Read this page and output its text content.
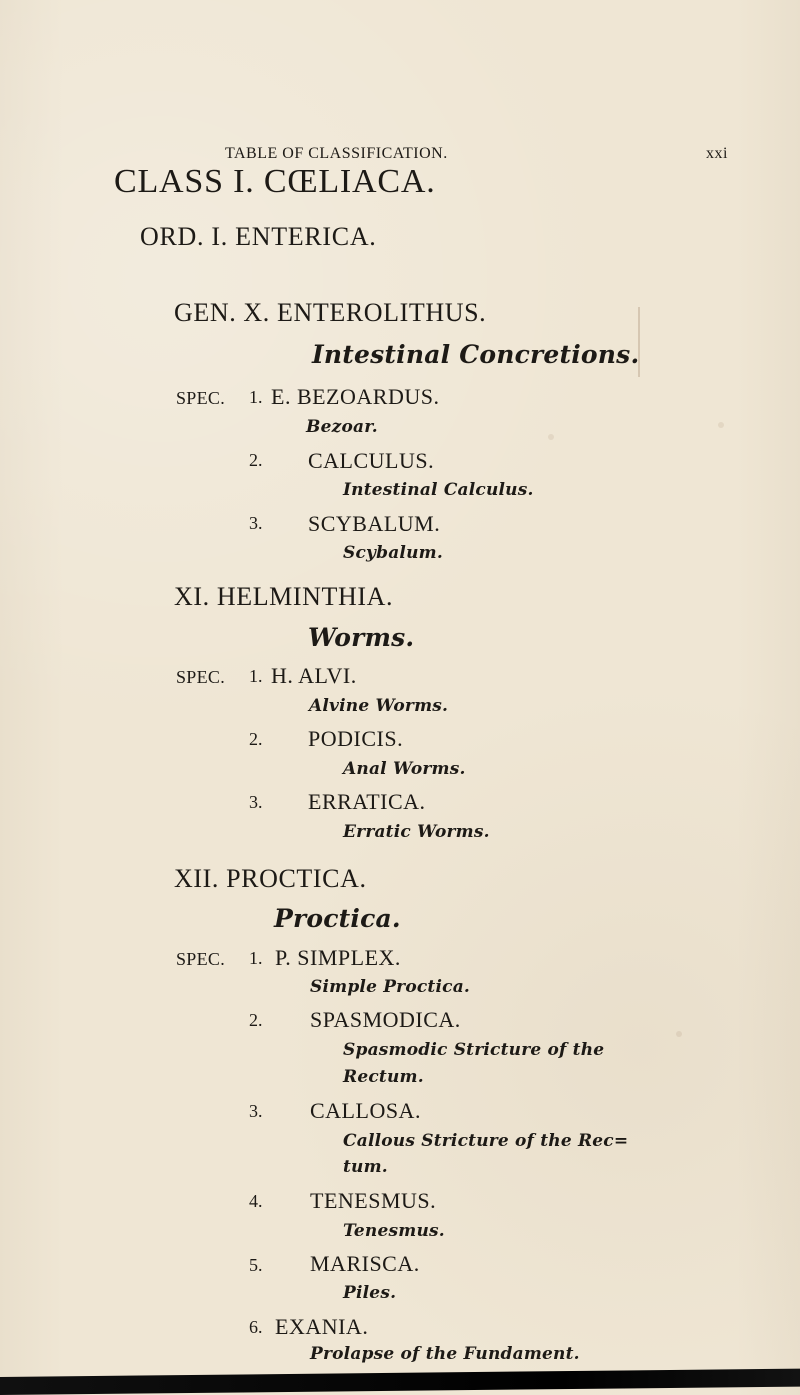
TABLE OF CLASSIFICATION.	xxi
CLASS I. CŒLIACA.
ORD. I. ENTERICA.
GEN. X. ENTEROLITHUS.
Intestinal Concretions.
SPEC. 1. E. BEZOARDUS.
Bezoar.
2. CALCULUS.
Intestinal Calculus.
3. SCYBALUM.
Scybalum.
XI. HELMINTHIA.
Worms.
SPEC. 1. H. ALVI.
Alvine Worms.
2. PODICIS.
Anal Worms.
3. ERRATICA.
Erratic Worms.
XII. PROCTICA.
Proctica.
SPEC. 1. P. SIMPLEX.
Simple Proctica.
2. SPASMODICA.
Spasmodic Stricture of the
Rectum.
3. CALLOSA.
Callous Stricture of the Rec=
tum.
4. TENESMUS.
Tenesmus.
5. MARISCA.
Piles.
6. EXANIA.
Prolapse of the Fundament.
